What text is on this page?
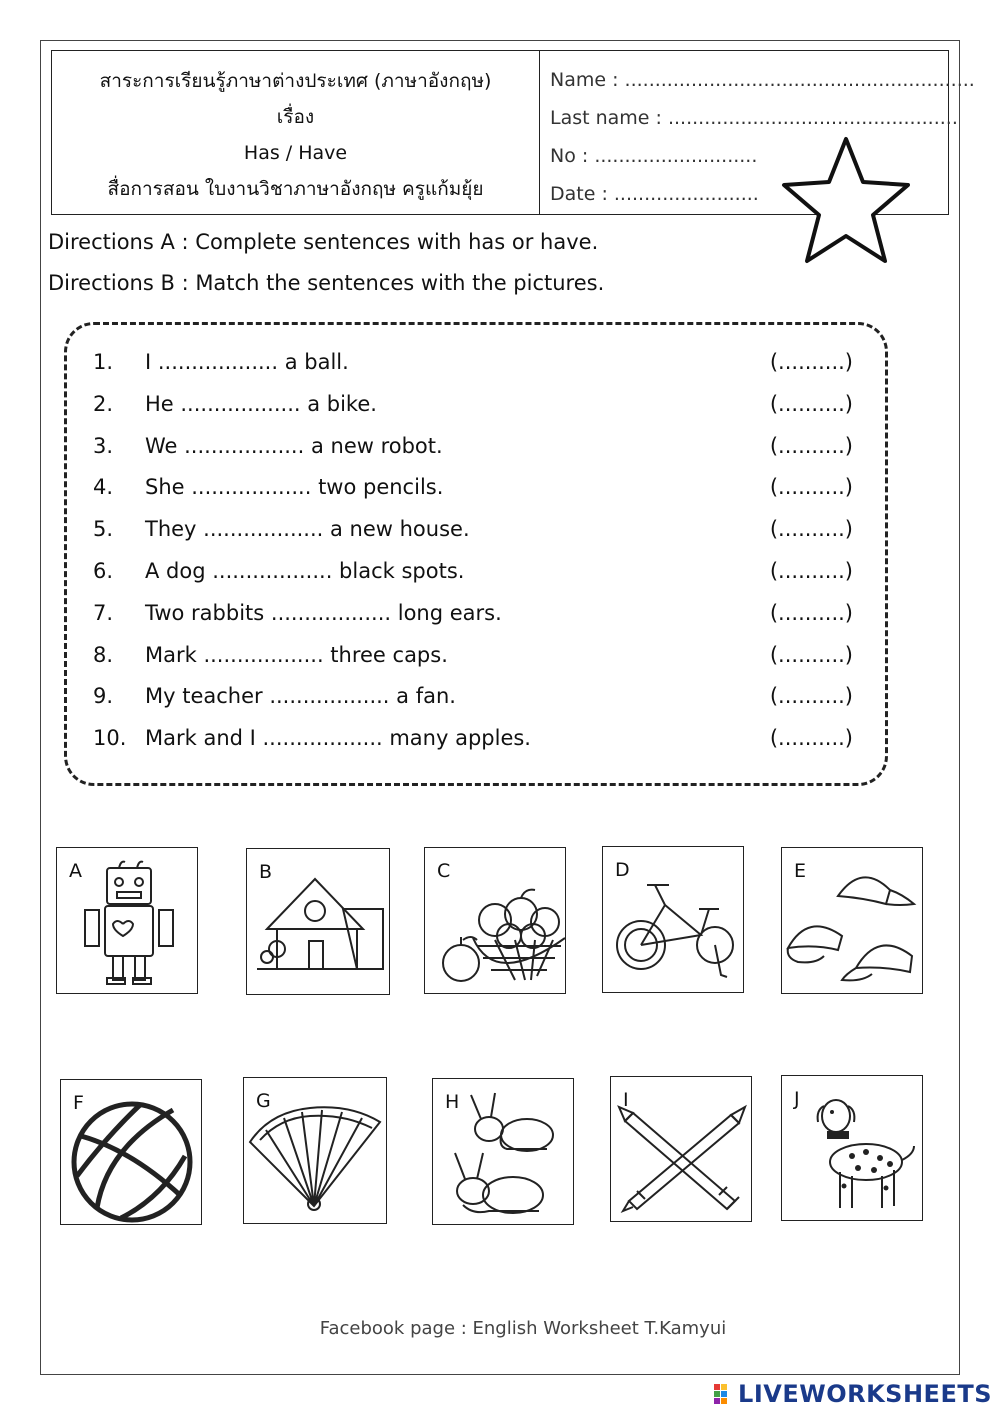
สาระการเรียนรู้ภาษาต่างประเทศ (ภาษาอังกฤษ)
เรื่อง
Has / Have
สื่อการสอน ใบงานวิชาภาษาอังกฤษ ครูแก้มยุ้ย
Name : ..........................................................
Last name : ................................................
No : ...........................
Date : ........................
Directions A : Complete sentences with has or have.
Directions B : Match the sentences with the pictures.
1. I .................. a ball.	(..........)
2. He .................. a bike.	(..........)
3. We .................. a new robot.	(..........)
4. She .................. two pencils.	(..........)
5. They .................. a new house.	(..........)
6. A dog .................. black spots.	(..........)
7. Two rabbits .................. long ears.	(..........)
8. Mark .................. three caps.	(..........)
9. My teacher .................. a fan.	(..........)
10. Mark and I .................. many apples.	(..........)
A	B	C	D	E
F	G	H	I	J
Facebook page : English Worksheet T.Kamyui
LIVEWORKSHEETS
